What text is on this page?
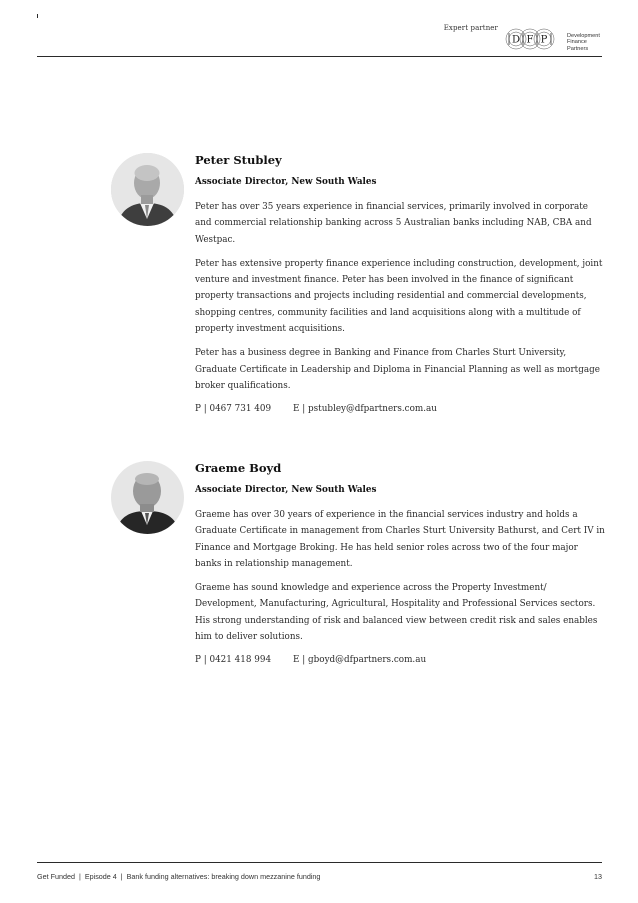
Expert partner
D F P	Development
Finance
Partners
Peter Stubley
Associate Director, New South Wales

Peter has over 35 years experience in financial services, primarily involved in corporate and commercial relationship banking across 5 Australian banks including NAB, CBA and Westpac.

Peter has extensive property finance experience including construction, development, joint venture and investment finance. Peter has been involved in the finance of significant property transactions and projects including residential and commercial developments, shopping centres, community facilities and land acquisitions along with a multitude of property investment acquisitions.

Peter has a business degree in Banking and Finance from Charles Sturt University, Graduate Certificate in Leadership and Diploma in Financial Planning as well as mortgage broker qualifications.

P | 0467 731 409	E | pstubley@dfpartners.com.au
Graeme Boyd
Associate Director, New South Wales

Graeme has over 30 years of experience in the financial services industry and holds a Graduate Certificate in management from Charles Sturt University Bathurst, and Cert IV in Finance and Mortgage Broking. He has held senior roles across two of the four major banks in relationship management.

Graeme has sound knowledge and experience across the Property Investment/ Development, Manufacturing, Agricultural, Hospitality and Professional Services sectors. His strong understanding of risk and balanced view between credit risk and sales enables him to deliver solutions.

P | 0421 418 994	E | gboyd@dfpartners.com.au
Get Funded  |  Episode 4  |  Bank funding alternatives: breaking down mezzanine funding	13
